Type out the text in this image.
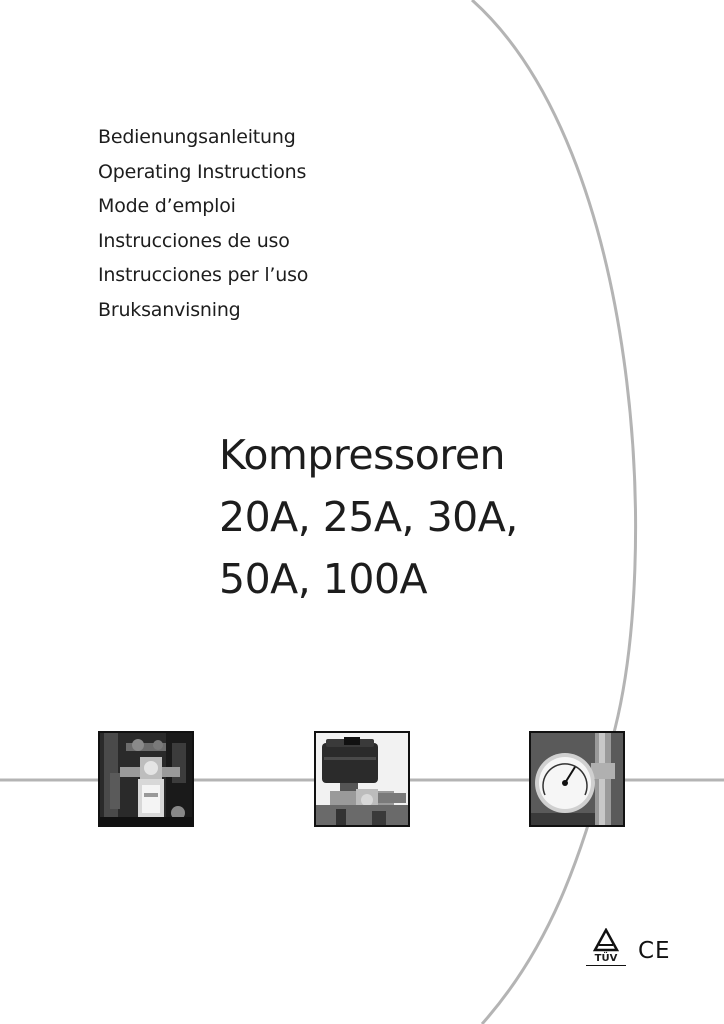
Bedienungsanleitung
Operating Instructions
Mode d’emploi
Instrucciones de uso
Instrucciones per l’uso
Bruksanvisning
Kompressoren
20A, 25A, 30A,
50A, 100A
TÜV CE
